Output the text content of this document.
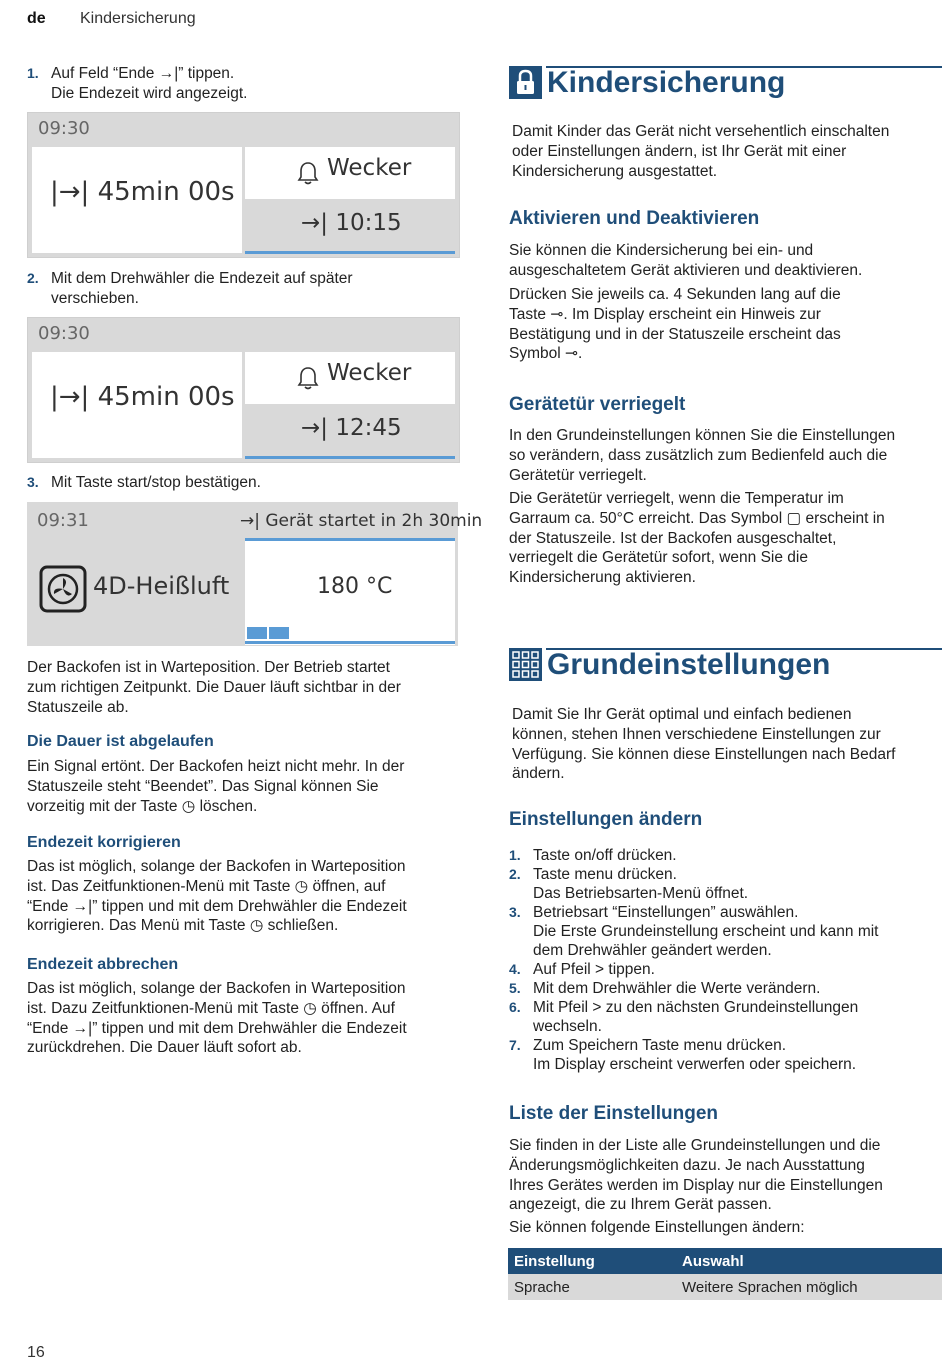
de Kindersicherung
1. Auf Feld “Ende →|” tippen.
Die Endezeit wird angezeigt.
09:30
|→| 45min 00s
Wecker
→| 10:15
2. Mit dem Drehwähler die Endezeit auf später
verschieben.
09:30
|→| 45min 00s
Wecker
→| 12:45
3. Mit Taste start/stop bestätigen.
09:31	→| Gerät startet in 2h 30min
4D-Heißluft	180 °C
Der Backofen ist in Warteposition. Der Betrieb startet
zum richtigen Zeitpunkt. Die Dauer läuft sichtbar in der
Statuszeile ab.
Die Dauer ist abgelaufen
Ein Signal ertönt. Der Backofen heizt nicht mehr. In der
Statuszeile steht “Beendet”. Das Signal können Sie
vorzeitig mit der Taste ◷ löschen.
Endezeit korrigieren
Das ist möglich, solange der Backofen in Warteposition
ist. Das Zeitfunktionen-Menü mit Taste ◷ öffnen, auf
“Ende →|” tippen und mit dem Drehwähler die Endezeit
korrigieren. Das Menü mit Taste ◷ schließen.
Endezeit abbrechen
Das ist möglich, solange der Backofen in Warteposition
ist. Dazu Zeitfunktionen-Menü mit Taste ◷ öffnen. Auf
“Ende →|” tippen und mit dem Drehwähler die Endezeit
zurückdrehen. Die Dauer läuft sofort ab.
Kindersicherung
Damit Kinder das Gerät nicht versehentlich einschalten
oder Einstellungen ändern, ist Ihr Gerät mit einer
Kindersicherung ausgestattet.
Aktivieren und Deaktivieren
Sie können die Kindersicherung bei ein- und
ausgeschaltetem Gerät aktivieren und deaktivieren.
Drücken Sie jeweils ca. 4 Sekunden lang auf die
Taste ⊸. Im Display erscheint ein Hinweis zur
Bestätigung und in der Statuszeile erscheint das
Symbol ⊸.
Gerätetür verriegelt
In den Grundeinstellungen können Sie die Einstellungen
so verändern, dass zusätzlich zum Bedienfeld auch die
Gerätetür verriegelt.
Die Gerätetür verriegelt, wenn die Temperatur im
Garraum ca. 50°C erreicht. Das Symbol ▢ erscheint in
der Statuszeile. Ist der Backofen ausgeschaltet,
verriegelt die Gerätetür sofort, wenn Sie die
Kindersicherung aktivieren.
Grundeinstellungen
Damit Sie Ihr Gerät optimal und einfach bedienen
können, stehen Ihnen verschiedene Einstellungen zur
Verfügung. Sie können diese Einstellungen nach Bedarf
ändern.
Einstellungen ändern
1. Taste on/off drücken.
2. Taste menu drücken.
Das Betriebsarten-Menü öffnet.
3. Betriebsart “Einstellungen” auswählen.
Die Erste Grundeinstellung erscheint und kann mit
dem Drehwähler geändert werden.
4. Auf Pfeil > tippen.
5. Mit dem Drehwähler die Werte verändern.
6. Mit Pfeil > zu den nächsten Grundeinstellungen
wechseln.
7. Zum Speichern Taste menu drücken.
Im Display erscheint verwerfen oder speichern.
Liste der Einstellungen
Sie finden in der Liste alle Grundeinstellungen und die
Änderungsmöglichkeiten dazu. Je nach Ausstattung
Ihres Gerätes werden im Display nur die Einstellungen
angezeigt, die zu Ihrem Gerät passen.
Sie können folgende Einstellungen ändern:
Einstellung	Auswahl
Sprache	Weitere Sprachen möglich
16
